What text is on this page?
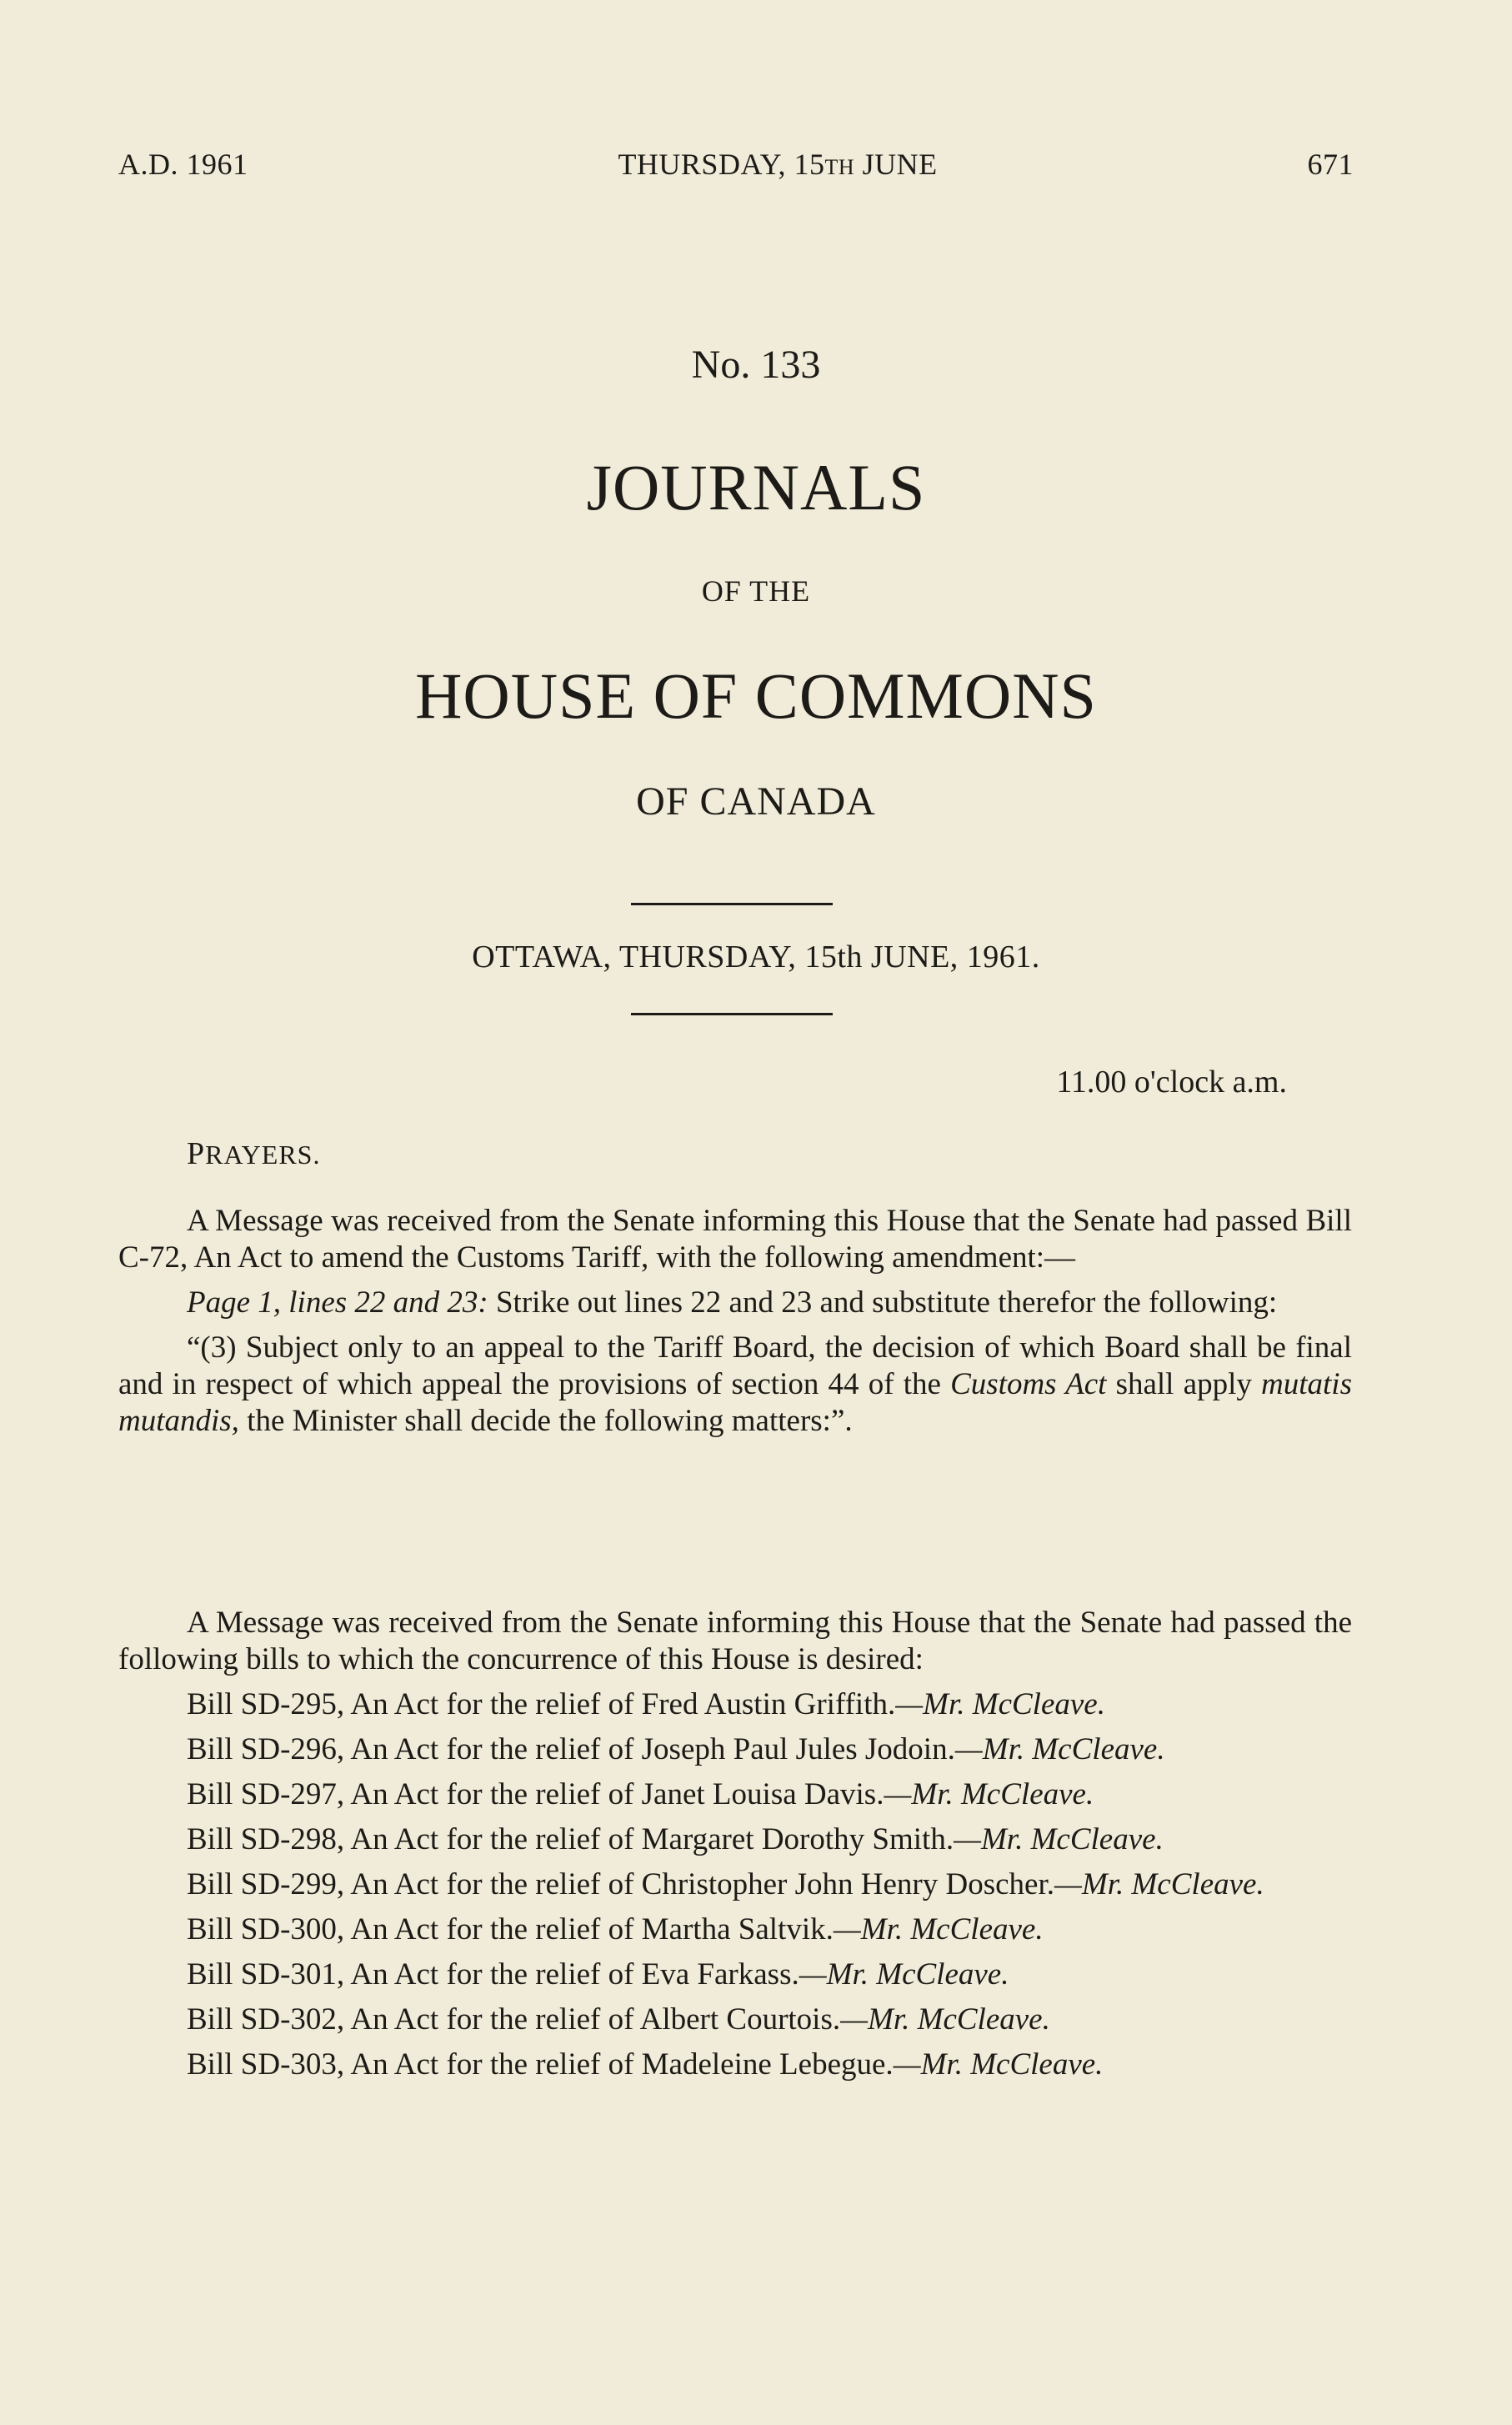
A.D. 1961	THURSDAY, 15TH JUNE	671
No. 133
JOURNALS
OF THE
HOUSE OF COMMONS
OF CANADA
OTTAWA, THURSDAY, 15th JUNE, 1961.
11.00 o'clock a.m.
PRAYERS.

A Message was received from the Senate informing this House that the Senate had passed Bill C-72, An Act to amend the Customs Tariff, with the following amendment:—

Page 1, lines 22 and 23: Strike out lines 22 and 23 and substitute therefor the following:

“(3) Subject only to an appeal to the Tariff Board, the decision of which Board shall be final and in respect of which appeal the provisions of section 44 of the Customs Act shall apply mutatis mutandis, the Minister shall decide the following matters:”.

A Message was received from the Senate informing this House that the Senate had passed the following bills to which the concurrence of this House is desired:

Bill SD-295, An Act for the relief of Fred Austin Griffith.—Mr. McCleave.

Bill SD-296, An Act for the relief of Joseph Paul Jules Jodoin.—Mr. McCleave.

Bill SD-297, An Act for the relief of Janet Louisa Davis.—Mr. McCleave.

Bill SD-298, An Act for the relief of Margaret Dorothy Smith.—Mr. McCleave.

Bill SD-299, An Act for the relief of Christopher John Henry Doscher.—Mr. McCleave.

Bill SD-300, An Act for the relief of Martha Saltvik.—Mr. McCleave.

Bill SD-301, An Act for the relief of Eva Farkass.—Mr. McCleave.

Bill SD-302, An Act for the relief of Albert Courtois.—Mr. McCleave.

Bill SD-303, An Act for the relief of Madeleine Lebegue.—Mr. McCleave.
